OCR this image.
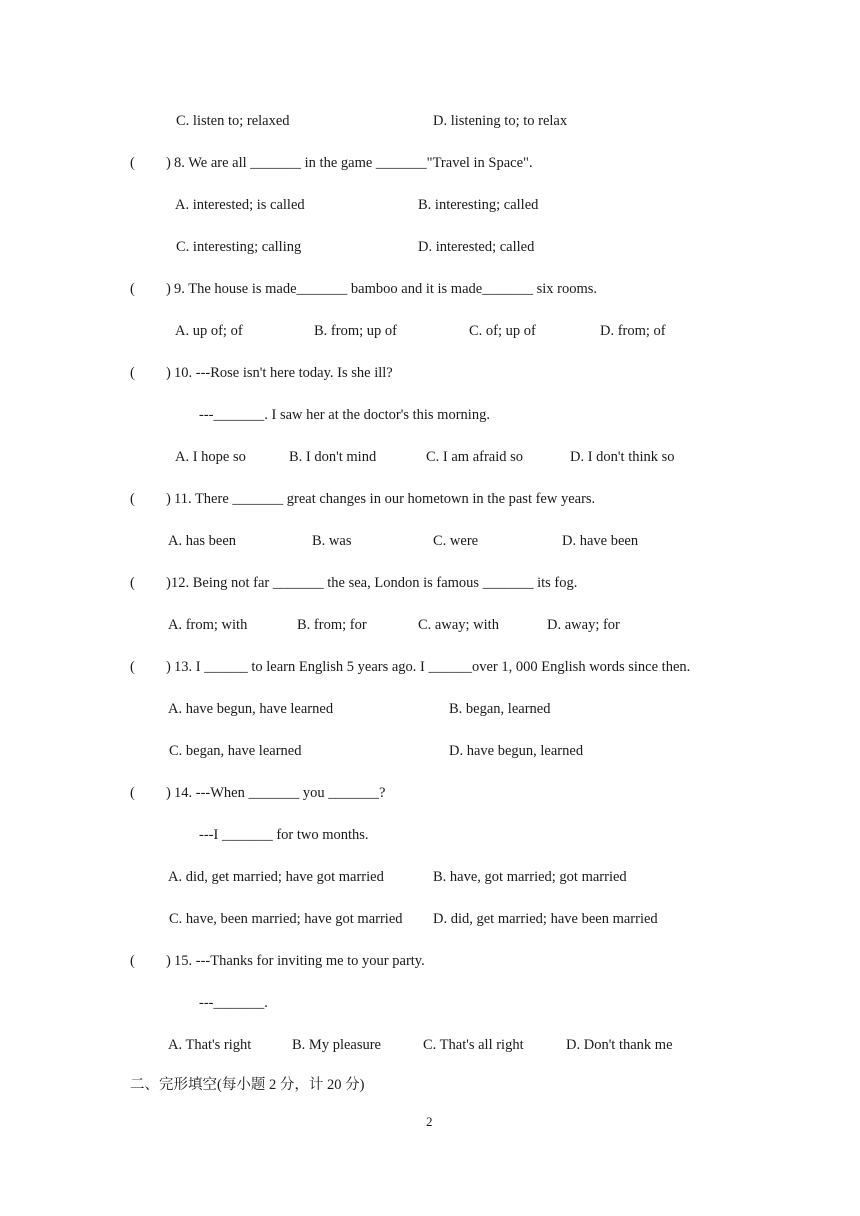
C. listen to; relaxed	D. listening to; to relax
( ) 8. We are all _______ in the game _______"Travel in Space".
A. interested; is called	B. interesting; called
C. interesting; calling	D. interested; called
( ) 9. The house is made_______ bamboo and it is made_______ six rooms.
A. up of; of	B. from; up of	C. of; up of	D. from; of
( ) 10. ---Rose isn't here today. Is she ill?
---_______. I saw her at the doctor's this morning.
A. I hope so	B. I don't mind	C. I am afraid so	D. I don't think so
( ) 11. There _______ great changes in our hometown in the past few years.
A. has been	B. was	C. were	D. have been
( ) 12. Being not far _______ the sea, London is famous _______ its fog.
A. from; with	B. from; for	C. away; with	D. away; for
( ) 13. I ______ to learn English 5 years ago. I ______over 1, 000 English words since then.
A. have begun, have learned	B. began, learned
C. began, have learned	D. have begun, learned
( ) 14. ---When _______ you _______?
---I _______ for two months.
A. did, get married; have got married	B. have, got married; got married
C. have, been married; have got married D. did, get married; have been married
( ) 15. ---Thanks for inviting me to your party.
---_______.
A. That's right	B. My pleasure	C. That's all right	D. Don't thank me
二、完形填空(每小题 2 分，计 20 分)
2
